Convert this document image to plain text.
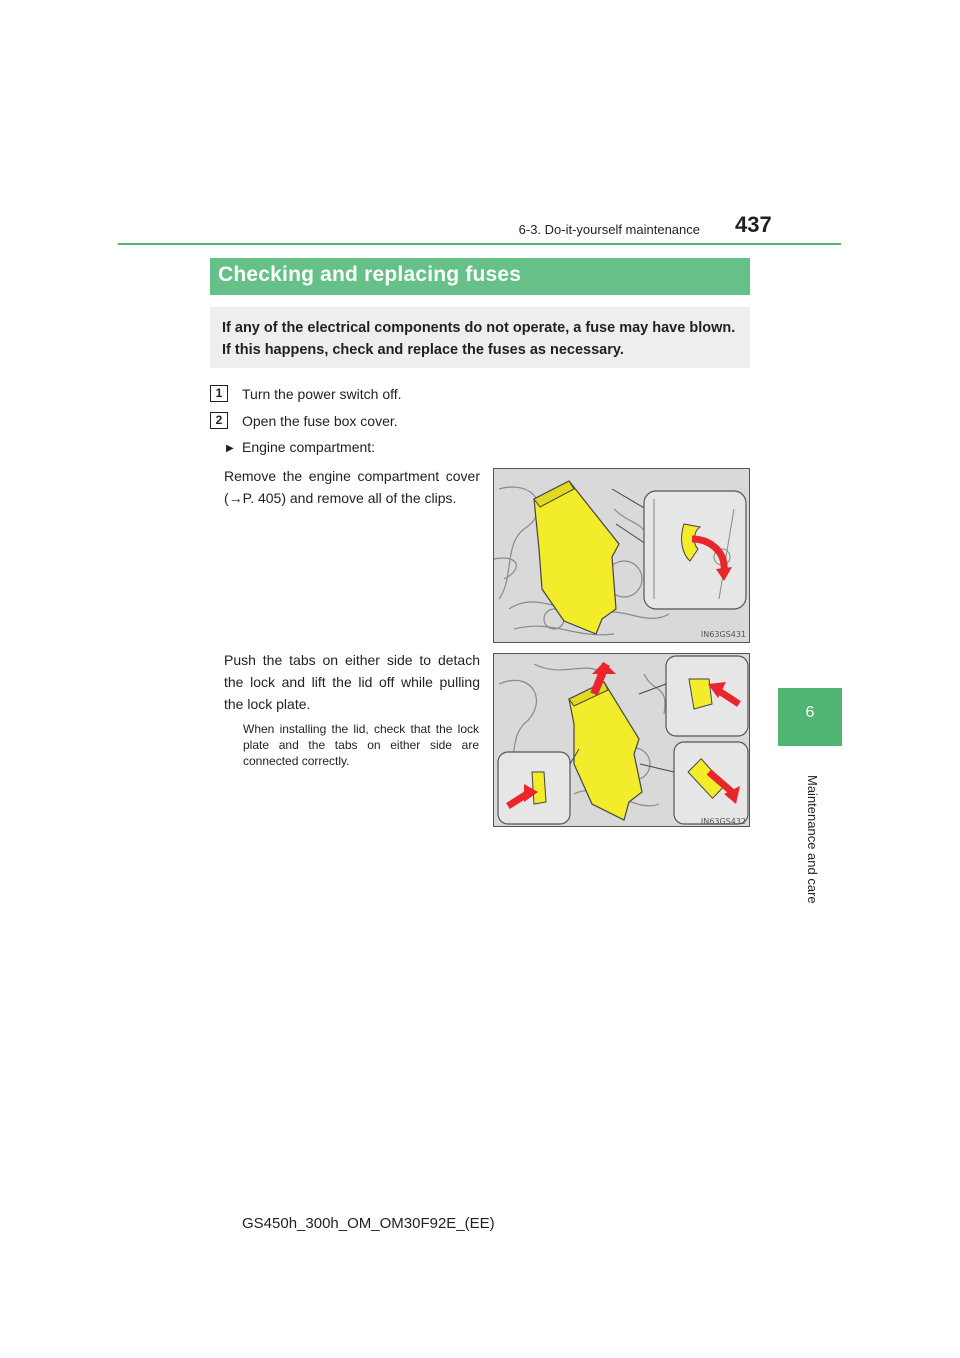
6-3. Do-it-yourself maintenance 437
6
Maintenance and care
Checking and replacing fuses
If any of the electrical components do not operate, a fuse may have blown. If this happens, check and replace the fuses as necessary.
1	Turn the power switch off.
2	Open the fuse box cover.
▶ Engine compartment:
Remove the engine compartment cover (→P. 405) and remove all of the clips.
IN63GS431
Push the tabs on either side to detach the lock and lift the lid off while pulling the lock plate.
When installing the lid, check that the lock plate and the tabs on either side are connected correctly.
IN63GS432
GS450h_300h_OM_OM30F92E_(EE)
